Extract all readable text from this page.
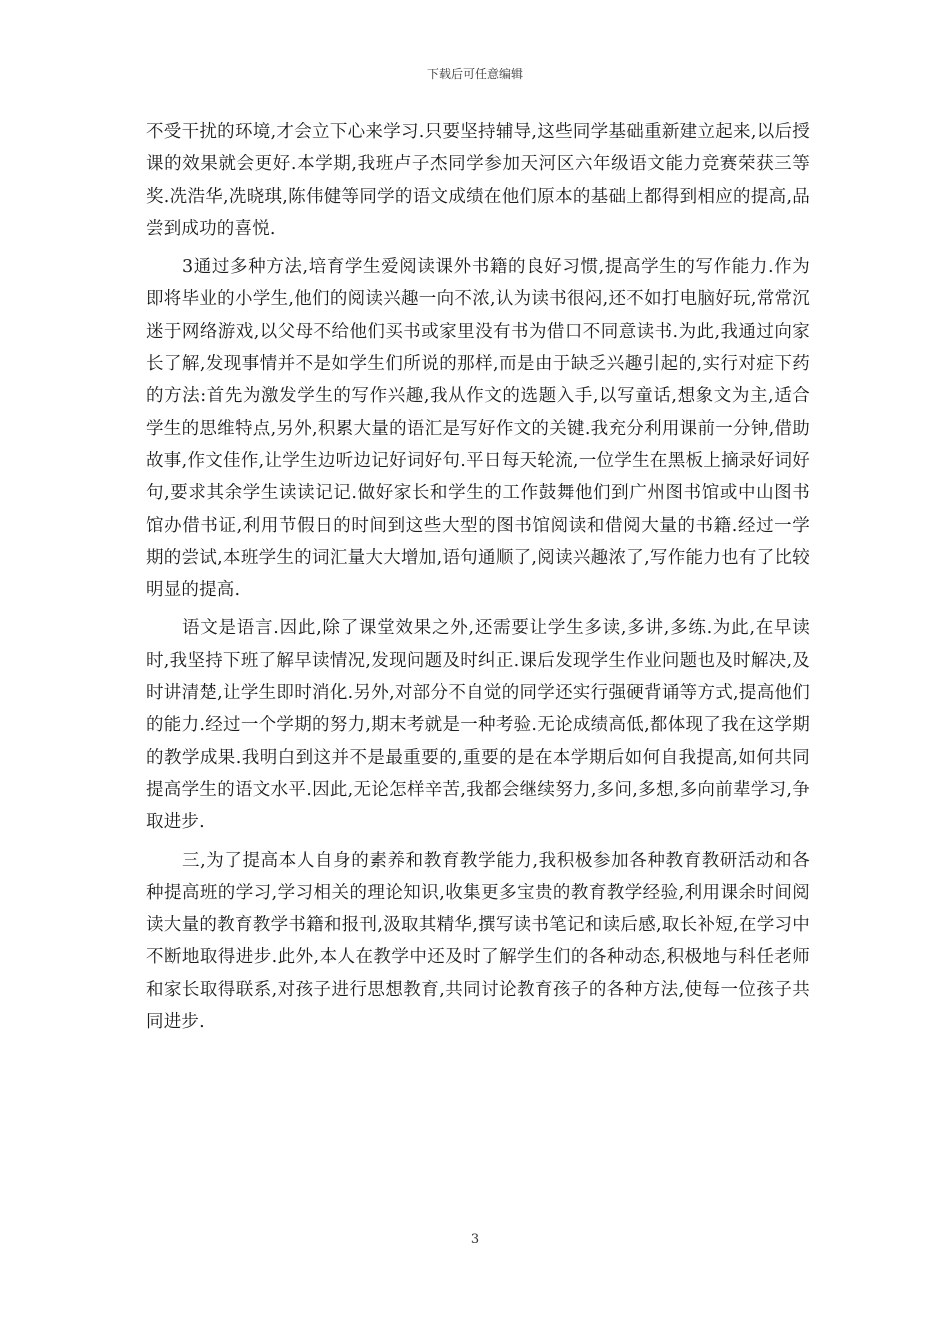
下载后可任意编辑

不受干扰的环境,才会立下心来学习.只要坚持辅导,这些同学基础重新建立起来,以后授课的效果就会更好.本学期,我班卢子杰同学参加天河区六年级语文能力竞赛荣获三等奖.冼浩华,冼晓琪,陈伟健等同学的语文成绩在他们原本的基础上都得到相应的提高,品尝到成功的喜悦.

3通过多种方法,培育学生爱阅读课外书籍的良好习惯,提高学生的写作能力.作为即将毕业的小学生,他们的阅读兴趣一向不浓,认为读书很闷,还不如打电脑好玩,常常沉迷于网络游戏,以父母不给他们买书或家里没有书为借口不同意读书.为此,我通过向家长了解,发现事情并不是如学生们所说的那样,而是由于缺乏兴趣引起的,实行对症下药的方法:首先为激发学生的写作兴趣,我从作文的选题入手,以写童话,想象文为主,适合学生的思维特点,另外,积累大量的语汇是写好作文的关键.我充分利用课前一分钟,借助故事,作文佳作,让学生边听边记好词好句.平日每天轮流,一位学生在黑板上摘录好词好句,要求其余学生读读记记.做好家长和学生的工作鼓舞他们到广州图书馆或中山图书馆办借书证,利用节假日的时间到这些大型的图书馆阅读和借阅大量的书籍.经过一学期的尝试,本班学生的词汇量大大增加,语句通顺了,阅读兴趣浓了,写作能力也有了比较明显的提高.

语文是语言.因此,除了课堂效果之外,还需要让学生多读,多讲,多练.为此,在早读时,我坚持下班了解早读情况,发现问题及时纠正.课后发现学生作业问题也及时解决,及时讲清楚,让学生即时消化.另外,对部分不自觉的同学还实行强硬背诵等方式,提高他们的能力.经过一个学期的努力,期末考就是一种考验.无论成绩高低,都体现了我在这学期的教学成果.我明白到这并不是最重要的,重要的是在本学期后如何自我提高,如何共同提高学生的语文水平.因此,无论怎样辛苦,我都会继续努力,多问,多想,多向前辈学习,争取进步.

三,为了提高本人自身的素养和教育教学能力,我积极参加各种教育教研活动和各种提高班的学习,学习相关的理论知识,收集更多宝贵的教育教学经验,利用课余时间阅读大量的教育教学书籍和报刊,汲取其精华,撰写读书笔记和读后感,取长补短,在学习中不断地取得进步.此外,本人在教学中还及时了解学生们的各种动态,积极地与科任老师和家长取得联系,对孩子进行思想教育,共同讨论教育孩子的各种方法,使每一位孩子共同进步.

3
